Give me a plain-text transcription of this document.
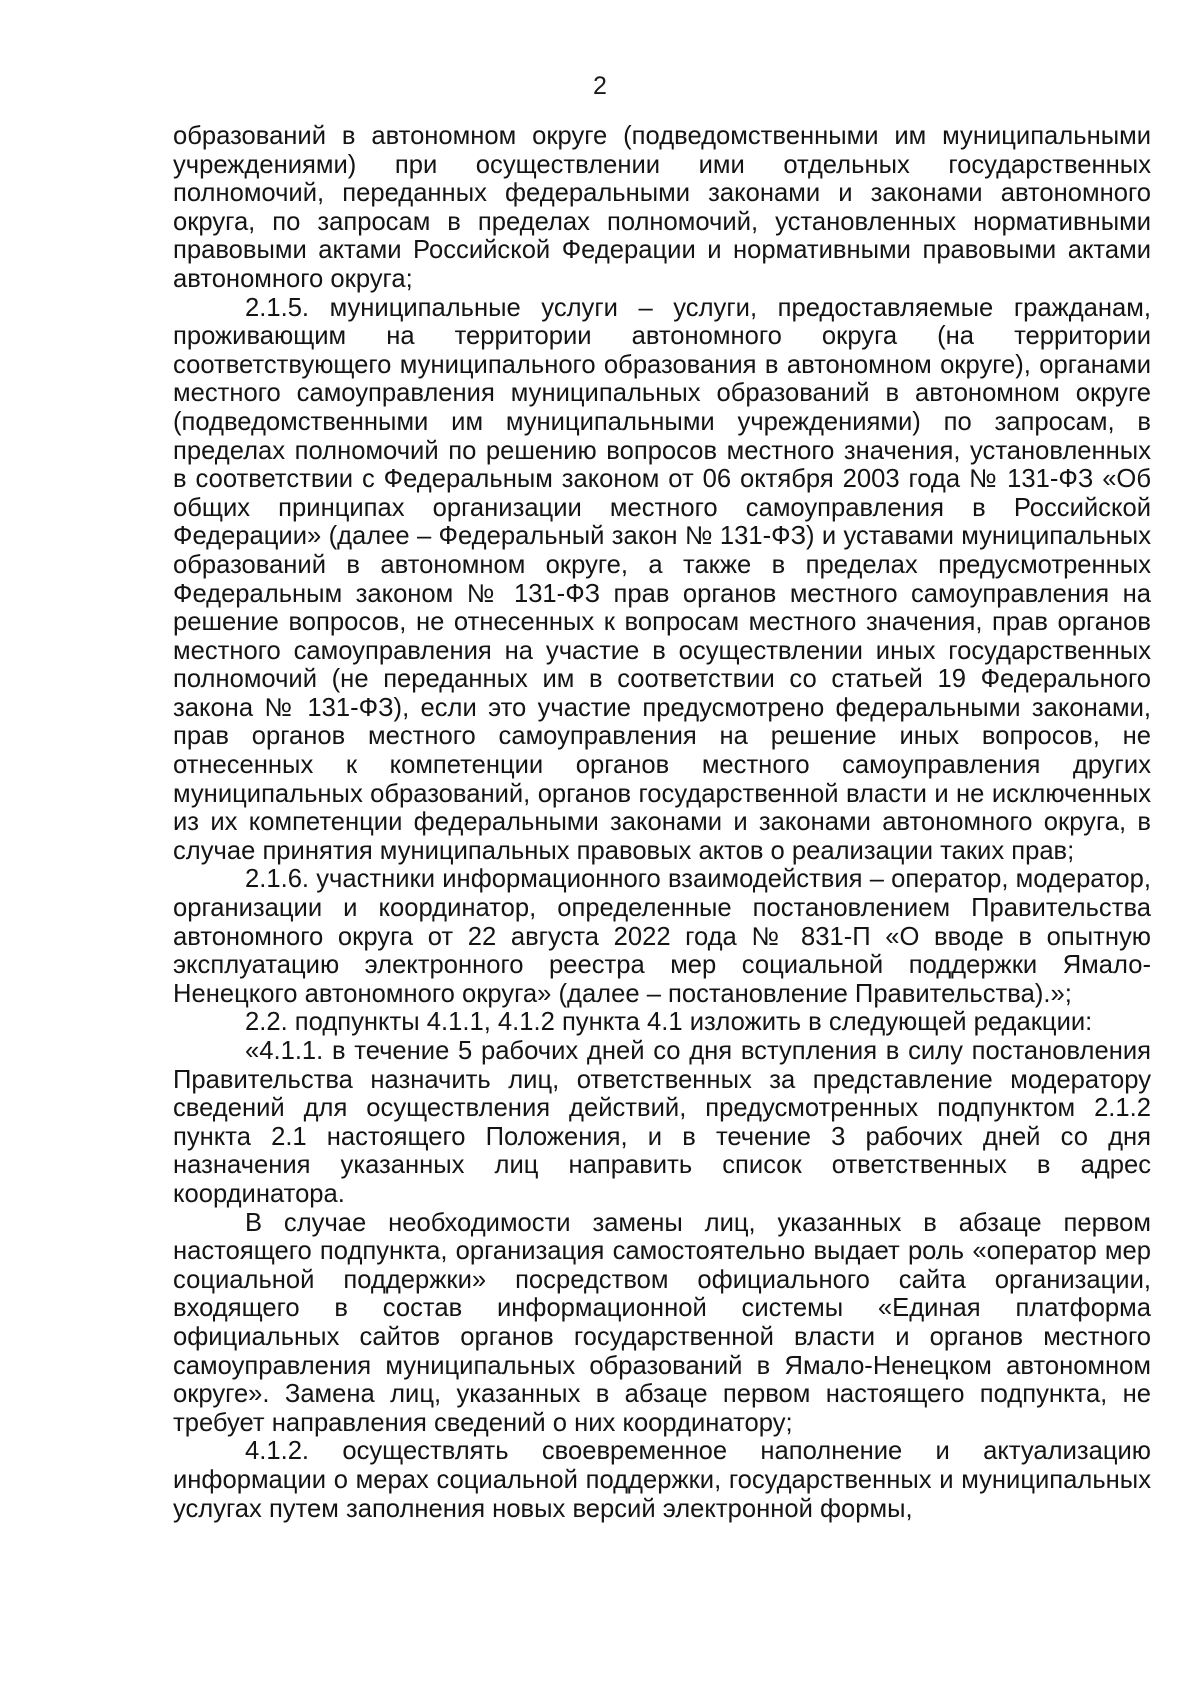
2

образований в автономном округе (подведомственными им муниципальными учреждениями) при осуществлении ими отдельных государственных полномочий, переданных федеральными законами и законами автономного округа, по запросам в пределах полномочий, установленных нормативными правовыми актами Российской Федерации и нормативными правовыми актами автономного округа;

2.1.5. муниципальные услуги – услуги, предоставляемые гражданам, проживающим на территории автономного округа (на территории соответствующего муниципального образования в автономном округе), органами местного самоуправления муниципальных образований в автономном округе (подведомственными им муниципальными учреждениями) по запросам, в пределах полномочий по решению вопросов местного значения, установленных в соответствии с Федеральным законом от 06 октября 2003 года № 131-ФЗ «Об общих принципах организации местного самоуправления в Российской Федерации» (далее – Федеральный закон № 131-ФЗ) и уставами муниципальных образований в автономном округе, а также в пределах предусмотренных Федеральным законом № 131-ФЗ прав органов местного самоуправления на решение вопросов, не отнесенных к вопросам местного значения, прав органов местного самоуправления на участие в осуществлении иных государственных полномочий (не переданных им в соответствии со статьей 19 Федерального закона № 131-ФЗ), если это участие предусмотрено федеральными законами, прав органов местного самоуправления на решение иных вопросов, не отнесенных к компетенции органов местного самоуправления других муниципальных образований, органов государственной власти и не исключенных из их компетенции федеральными законами и законами автономного округа, в случае принятия муниципальных правовых актов о реализации таких прав;

2.1.6. участники информационного взаимодействия – оператор, модератор, организации и координатор, определенные постановлением Правительства автономного округа от 22 августа 2022 года № 831-П «О вводе в опытную эксплуатацию электронного реестра мер социальной поддержки Ямало-Ненецкого автономного округа» (далее – постановление Правительства).»;

2.2. подпункты 4.1.1, 4.1.2 пункта 4.1 изложить в следующей редакции:

«4.1.1. в течение 5 рабочих дней со дня вступления в силу постановления Правительства назначить лиц, ответственных за представление модератору сведений для осуществления действий, предусмотренных подпунктом 2.1.2 пункта 2.1 настоящего Положения, и в течение 3 рабочих дней со дня назначения указанных лиц направить список ответственных в адрес координатора.

В случае необходимости замены лиц, указанных в абзаце первом настоящего подпункта, организация самостоятельно выдает роль «оператор мер социальной поддержки» посредством официального сайта организации, входящего в состав информационной системы «Единая платформа официальных сайтов органов государственной власти и органов местного самоуправления муниципальных образований в Ямало-Ненецком автономном округе». Замена лиц, указанных в абзаце первом настоящего подпункта, не требует направления сведений о них координатору;

4.1.2. осуществлять своевременное наполнение и актуализацию информации о мерах социальной поддержки, государственных и муниципальных услугах путем заполнения новых версий электронной формы,
